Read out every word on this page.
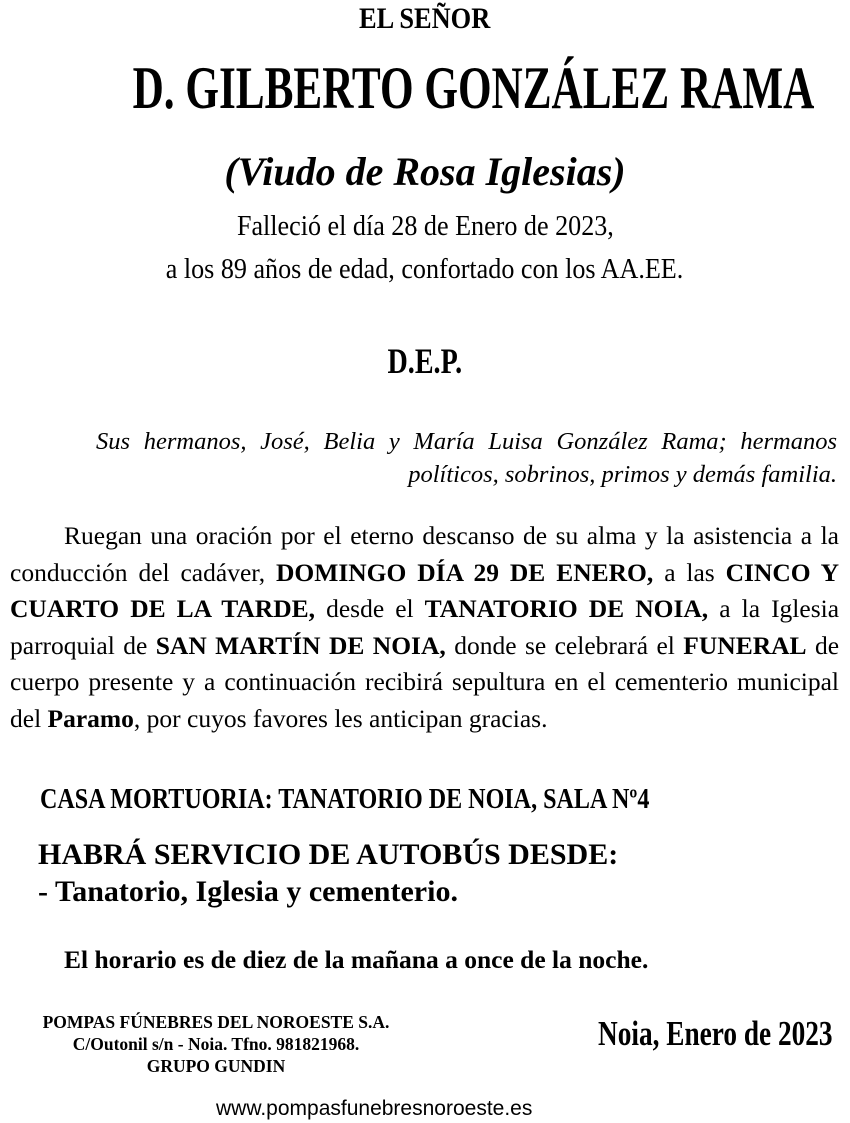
EL SEÑOR
D. GILBERTO GONZÁLEZ RAMA
(Viudo de Rosa Iglesias)
Falleció el día 28 de Enero de 2023,
a los 89 años de edad, confortado con los AA.EE.
D.E.P.
Sus hermanos, José, Belia y María Luisa González Rama; hermanos políticos, sobrinos, primos y demás familia.
Ruegan una oración por el eterno descanso de su alma y la asistencia a la conducción del cadáver, DOMINGO DÍA 29 DE ENERO, a las CINCO Y CUARTO DE LA TARDE, desde el TANATORIO DE NOIA, a la Iglesia parroquial de SAN MARTÍN DE NOIA, donde se celebrará el FUNERAL de cuerpo presente y a continuación recibirá sepultura en el cementerio municipal del Paramo, por cuyos favores les anticipan gracias.
CASA MORTUORIA: TANATORIO DE NOIA, SALA Nº4
HABRÁ SERVICIO DE AUTOBÚS DESDE:
- Tanatorio, Iglesia y cementerio.
El horario es de diez de la mañana a once de la noche.
POMPAS FÚNEBRES DEL NOROESTE S.A.
C/Outonil s/n - Noia. Tfno. 981821968.
GRUPO GUNDIN
Noia, Enero de 2023
www.pompasfunebresnoroeste.es
